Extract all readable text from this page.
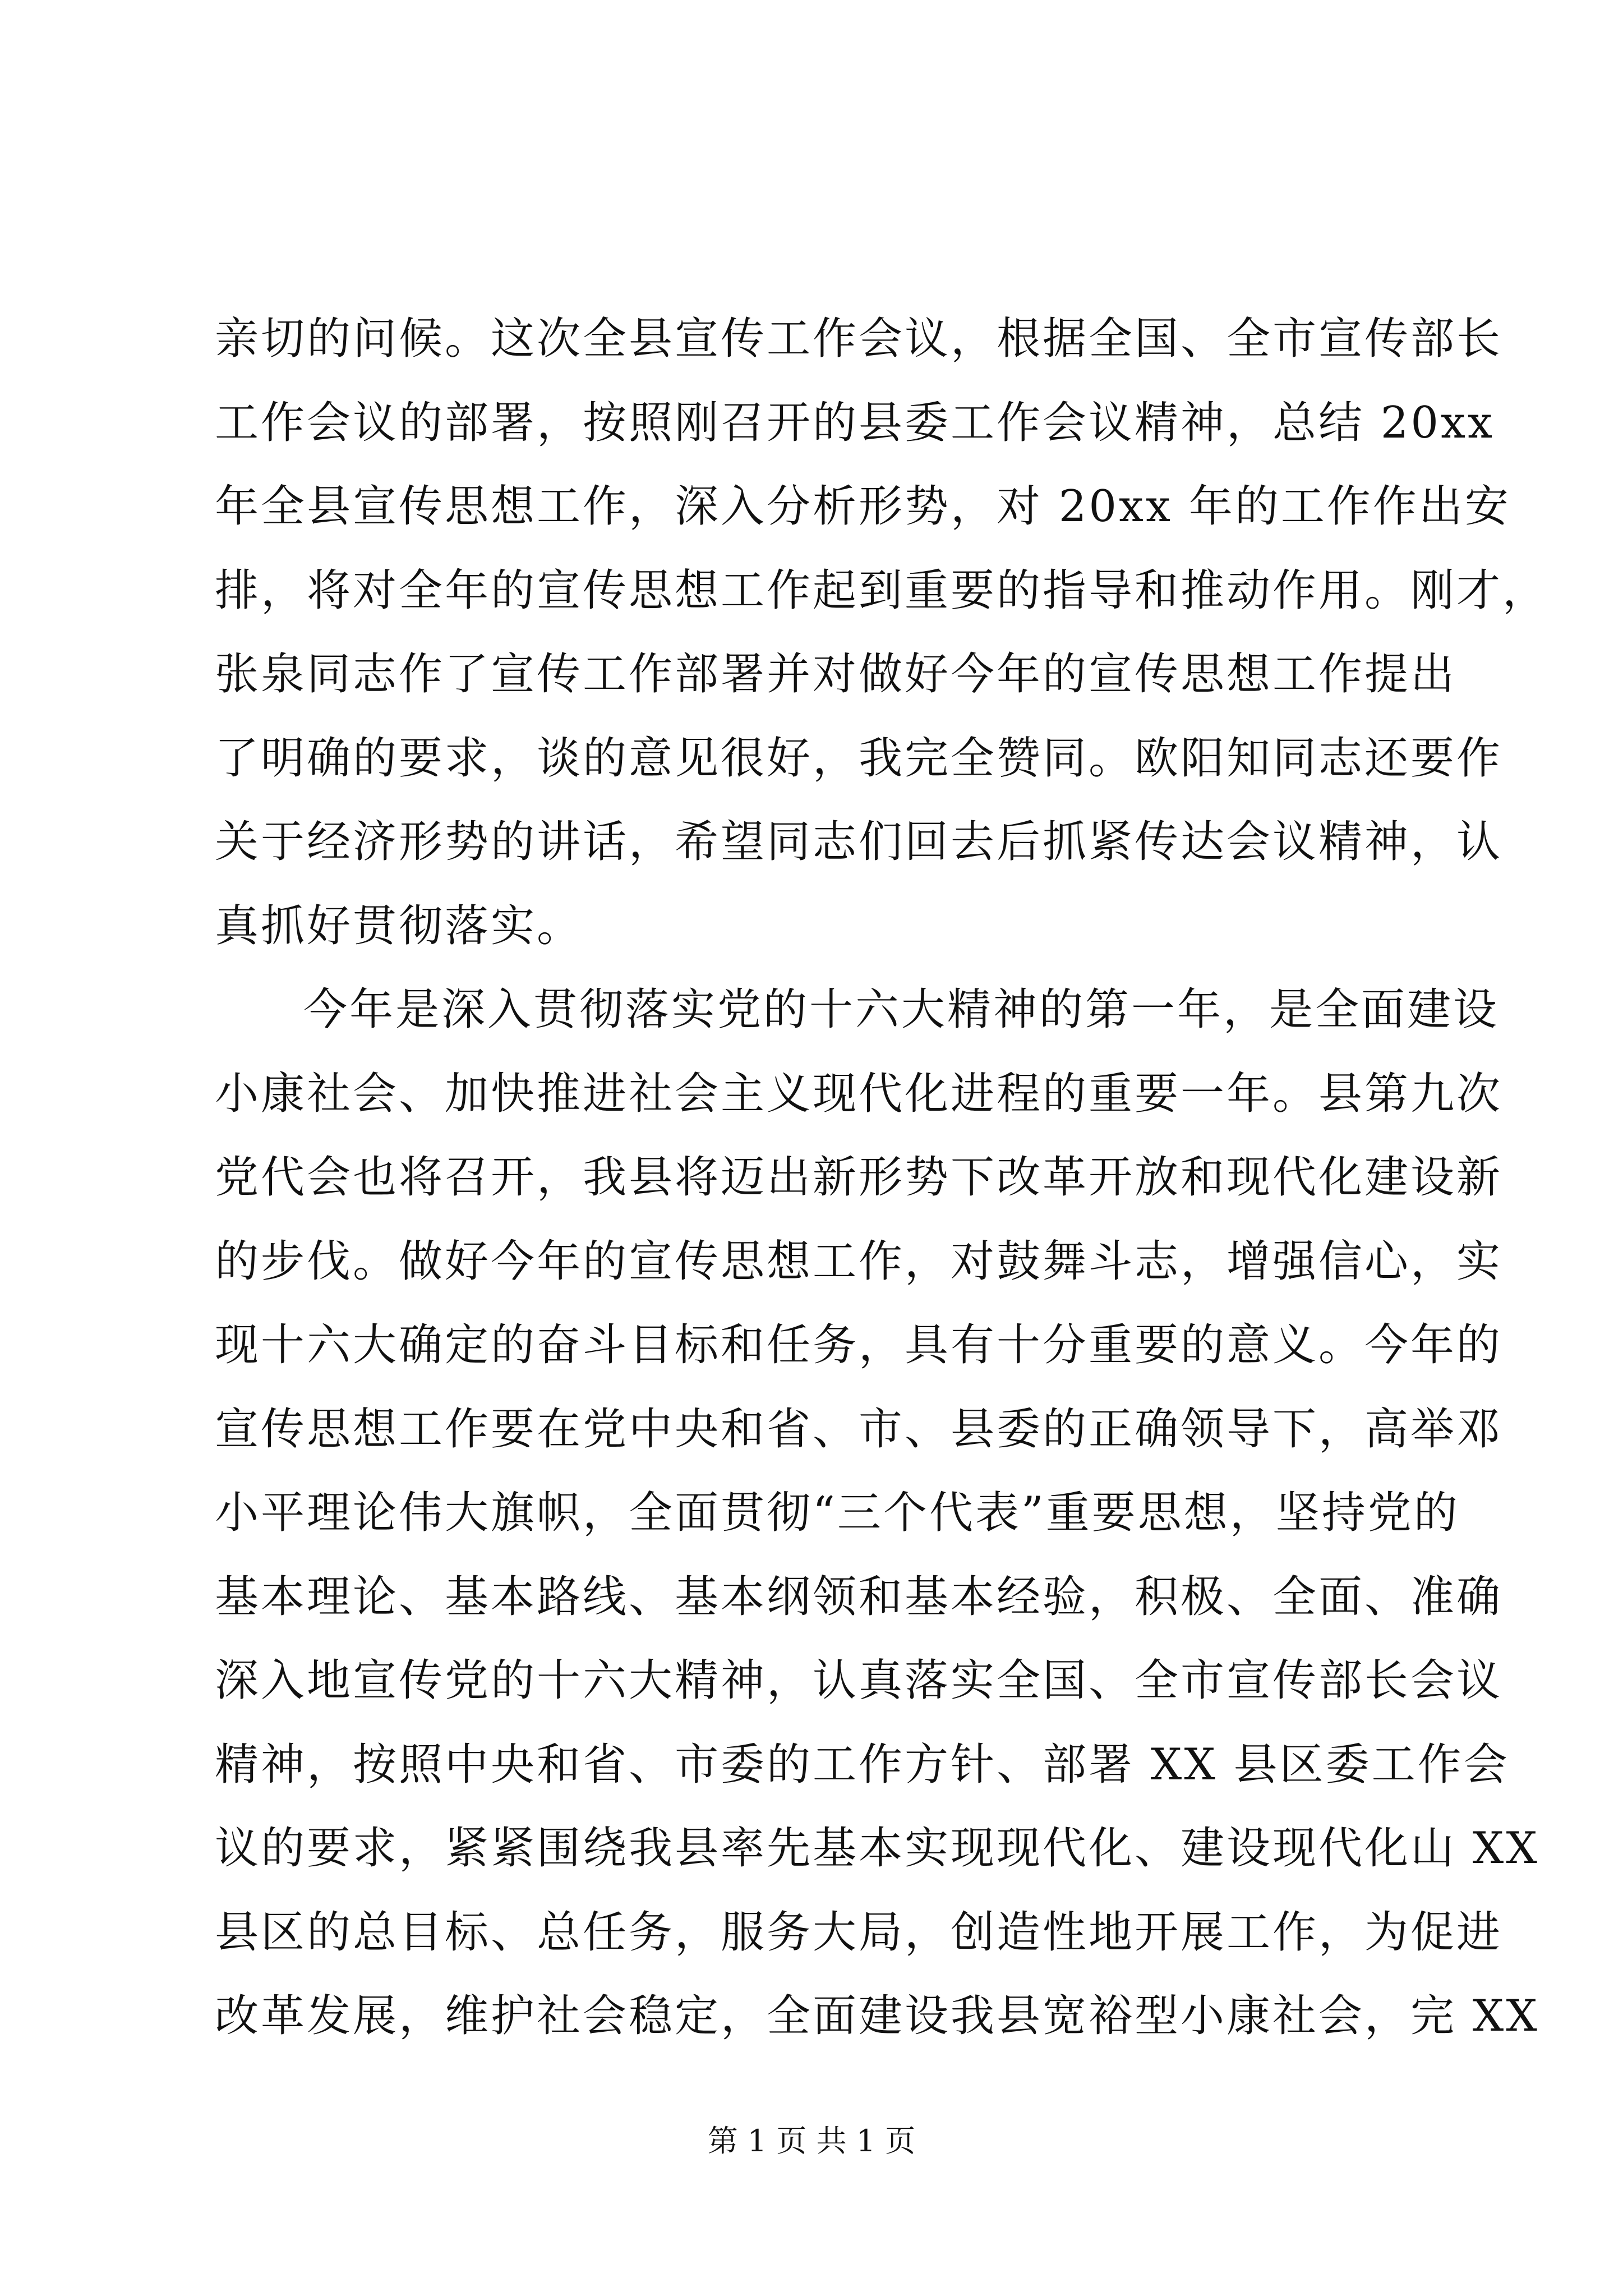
亲切的问候。这次全县宣传工作会议，根据全国、全市宣传部长
工作会议的部署，按照刚召开的县委工作会议精神，总结 20xx
年全县宣传思想工作，深入分析形势，对 20xx 年的工作作出安
排，将对全年的宣传思想工作起到重要的指导和推动作用。刚才，
张泉同志作了宣传工作部署并对做好今年的宣传思想工作提出
了明确的要求，谈的意见很好，我完全赞同。欧阳知同志还要作
关于经济形势的讲话，希望同志们回去后抓紧传达会议精神，认
真抓好贯彻落实。
今年是深入贯彻落实党的十六大精神的第一年，是全面建设
小康社会、加快推进社会主义现代化进程的重要一年。县第九次
党代会也将召开，我县将迈出新形势下改革开放和现代化建设新
的步伐。做好今年的宣传思想工作，对鼓舞斗志，增强信心，实
现十六大确定的奋斗目标和任务，具有十分重要的意义。今年的
宣传思想工作要在党中央和省、市、县委的正确领导下，高举邓
小平理论伟大旗帜，全面贯彻“三个代表”重要思想，坚持党的
基本理论、基本路线、基本纲领和基本经验，积极、全面、准确
深入地宣传党的十六大精神，认真落实全国、全市宣传部长会议
精神，按照中央和省、市委的工作方针、部署 XX 县区委工作会
议的要求，紧紧围绕我县率先基本实现现代化、建设现代化山 XX
县区的总目标、总任务，服务大局，创造性地开展工作，为促进
改革发展，维护社会稳定，全面建设我县宽裕型小康社会，完 XX
第 1 页 共 1 页
